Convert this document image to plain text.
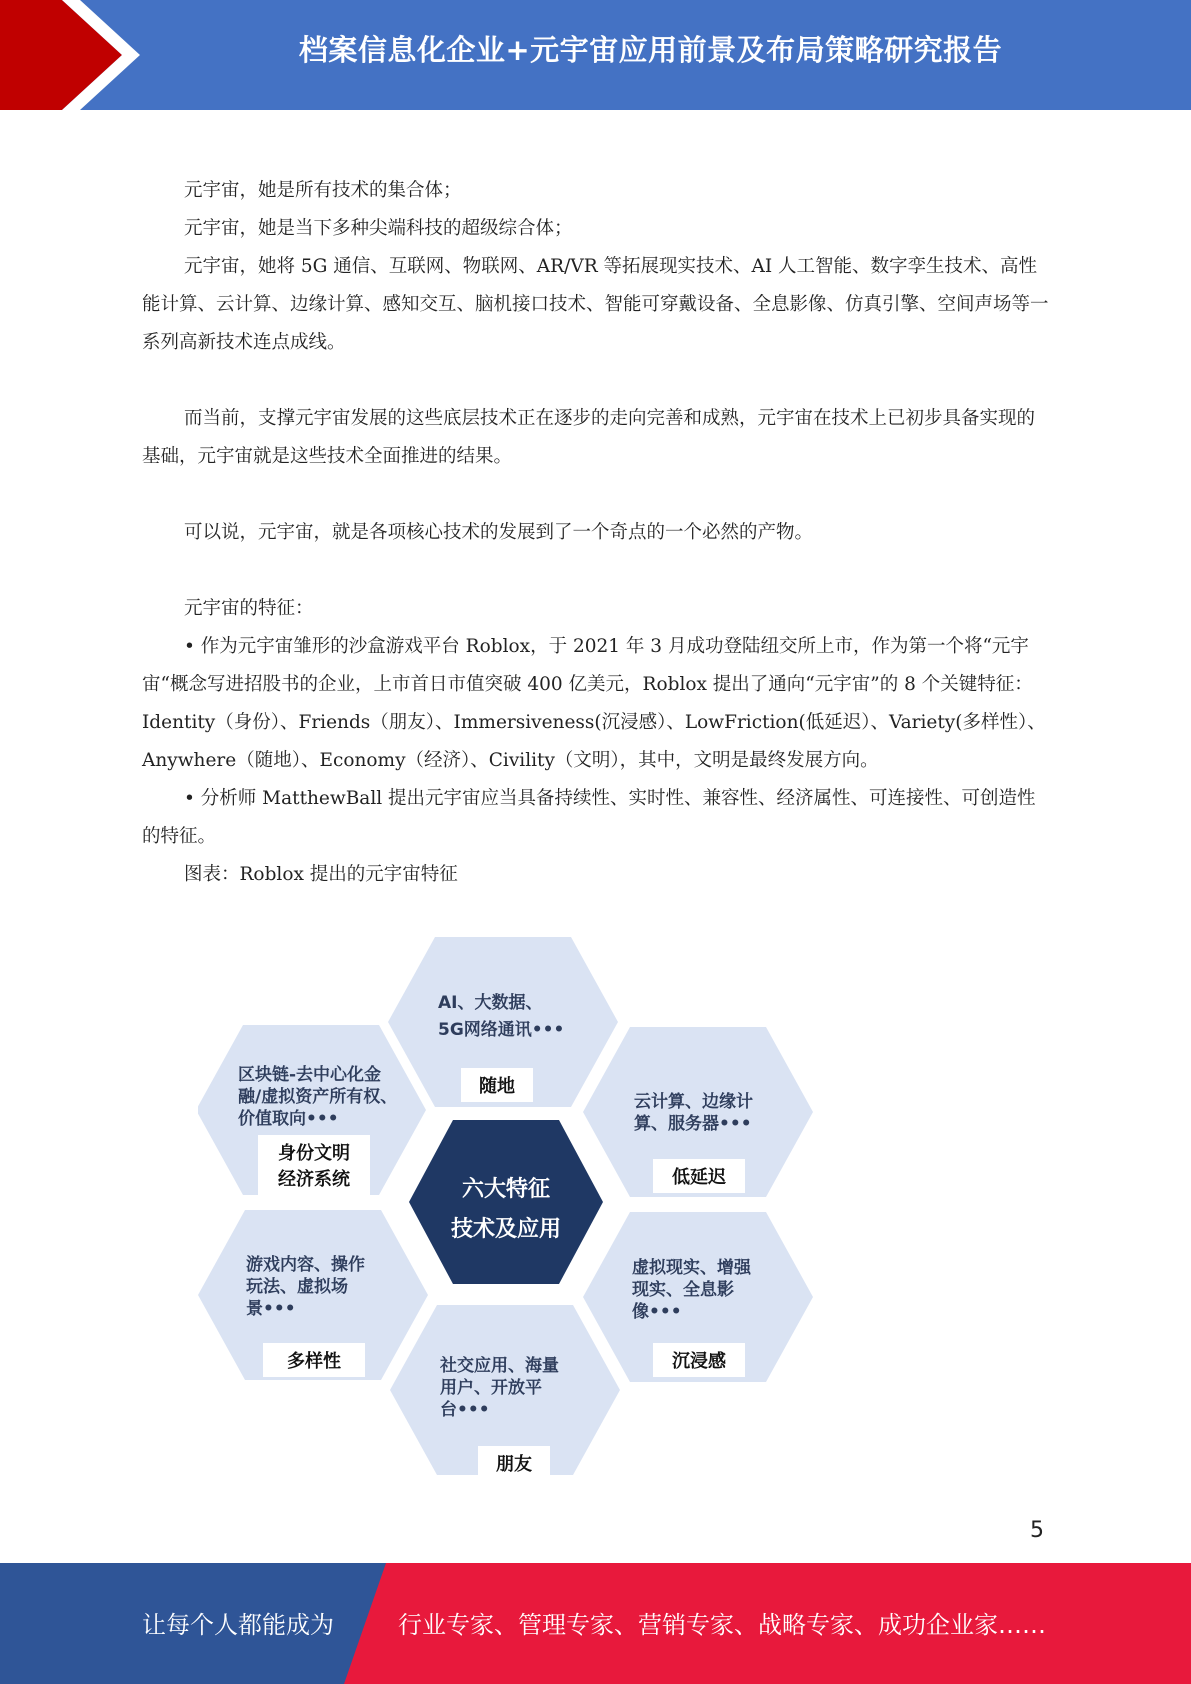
档案信息化企业+元宇宙应用前景及布局策略研究报告

元宇宙，她是所有技术的集合体；

元宇宙，她是当下多种尖端科技的超级综合体；

元宇宙，她将 5G 通信、互联网、物联网、AR/VR 等拓展现实技术、AI 人工智能、数字孪生技术、高性能计算、云计算、边缘计算、感知交互、脑机接口技术、智能可穿戴设备、全息影像、仿真引擎、空间声场等一系列高新技术连点成线。

而当前，支撑元宇宙发展的这些底层技术正在逐步的走向完善和成熟，元宇宙在技术上已初步具备实现的基础，元宇宙就是这些技术全面推进的结果。

可以说，元宇宙，就是各项核心技术的发展到了一个奇点的一个必然的产物。

元宇宙的特征：

• 作为元宇宙雏形的沙盒游戏平台 Roblox，于 2021 年 3 月成功登陆纽交所上市，作为第一个将“元宇宙“概念写进招股书的企业，上市首日市值突破 400 亿美元，Roblox 提出了通向“元宇宙”的 8 个关键特征：Identity（身份）、Friends（朋友）、Immersiveness(沉浸感）、LowFriction(低延迟）、Variety(多样性）、Anywhere（随地）、Economy（经济）、Civility（文明），其中，文明是最终发展方向。

• 分析师 MatthewBall 提出元宇宙应当具备持续性、实时性、兼容性、经济属性、可连接性、可创造性的特征。

图表：Roblox 提出的元宇宙特征

AI、大数据、
5G网络通讯•••
随地
区块链-去中心化金
融/虚拟资产所有权、
价值取向•••
身份文明
经济系统
云计算、边缘计
算、服务器•••
低延迟
六大特征
技术及应用
游戏内容、操作
玩法、虚拟场
景•••
多样性
虚拟现实、增强
现实、全息影
像•••
沉浸感
社交应用、海量
用户、开放平
台•••
朋友
5
让每个人都能成为	行业专家、管理专家、营销专家、战略专家、成功企业家……
